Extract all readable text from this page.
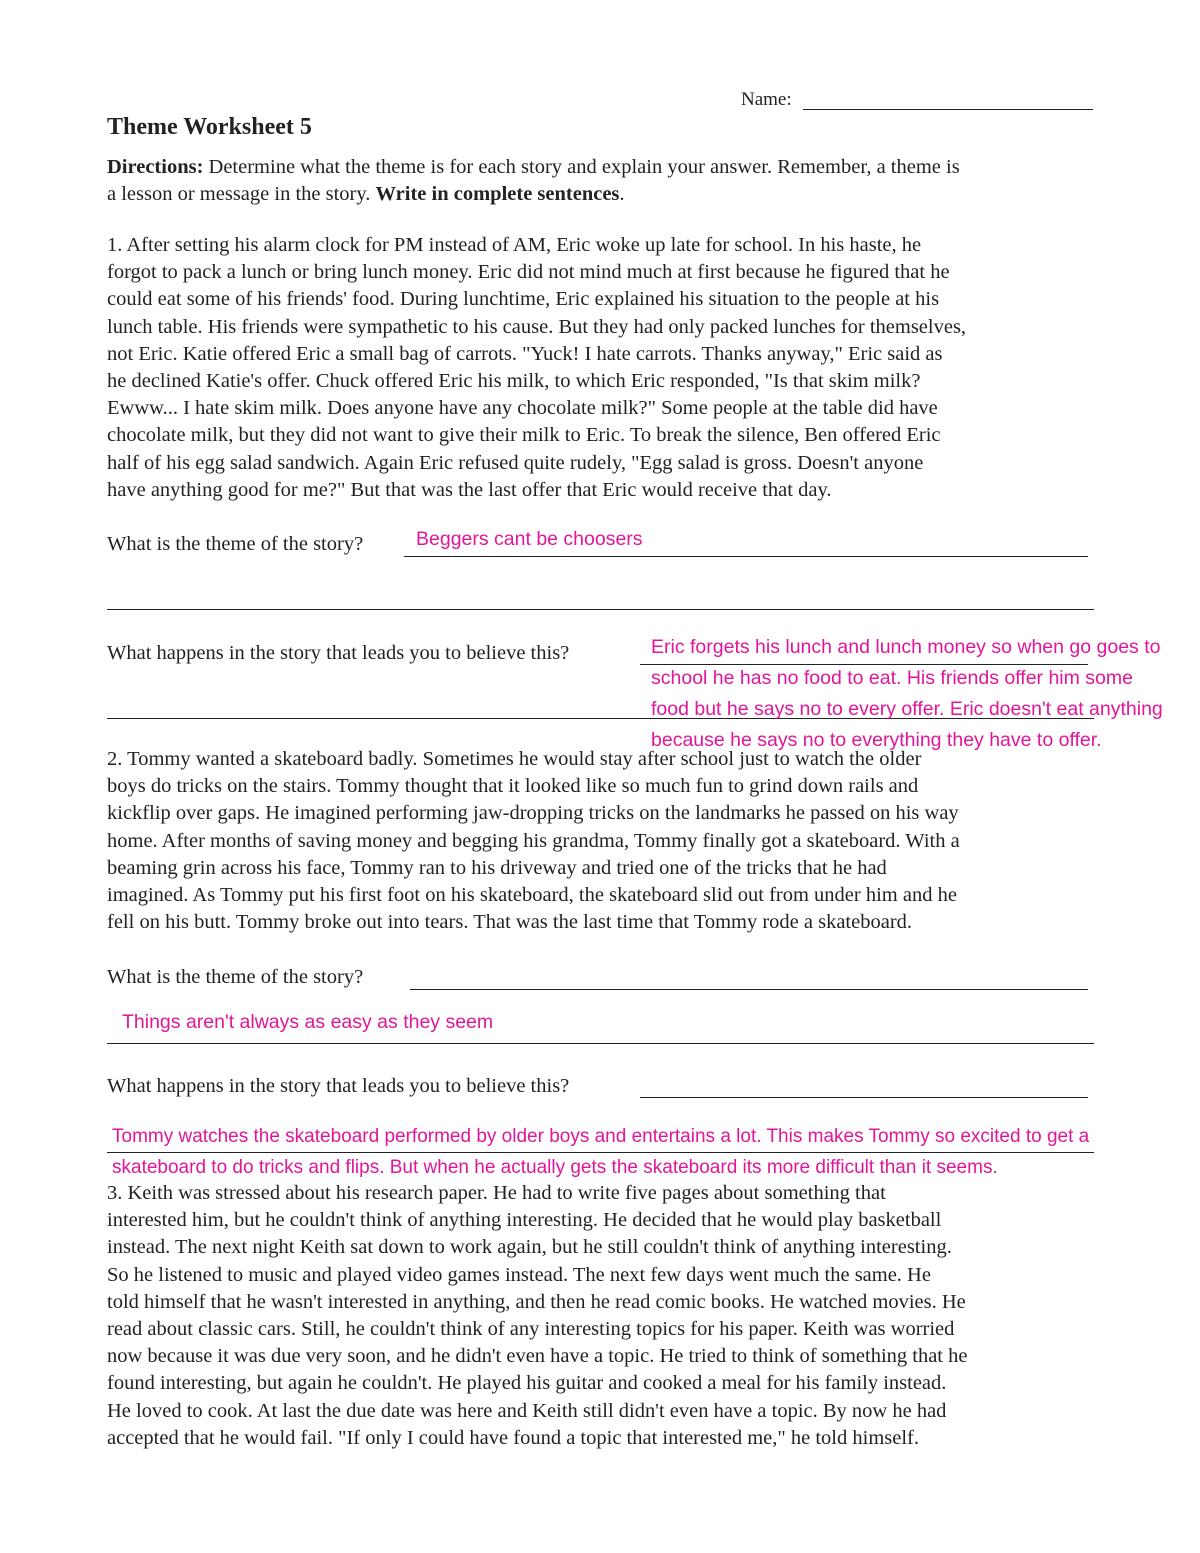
Name:
Theme Worksheet 5
Directions: Determine what the theme is for each story and explain your answer. Remember, a theme is
a lesson or message in the story. Write in complete sentences.
1. After setting his alarm clock for PM instead of AM, Eric woke up late for school. In his haste, he
forgot to pack a lunch or bring lunch money. Eric did not mind much at first because he figured that he
could eat some of his friends' food. During lunchtime, Eric explained his situation to the people at his
lunch table. His friends were sympathetic to his cause. But they had only packed lunches for themselves,
not Eric. Katie offered Eric a small bag of carrots. "Yuck! I hate carrots. Thanks anyway," Eric said as
he declined Katie's offer. Chuck offered Eric his milk, to which Eric responded, "Is that skim milk?
Ewww... I hate skim milk. Does anyone have any chocolate milk?" Some people at the table did have
chocolate milk, but they did not want to give their milk to Eric. To break the silence, Ben offered Eric
half of his egg salad sandwich. Again Eric refused quite rudely, "Egg salad is gross. Doesn't anyone
have anything good for me?" But that was the last offer that Eric would receive that day.
What is the theme of the story?	Beggers cant be choosers
What happens in the story that leads you to believe this?	Eric forgets his lunch and lunch money so when go goes to
school he has no food to eat. His friends offer him some
food but he says no to every offer. Eric doesn't eat anything
because he says no to everything they have to offer.
2. Tommy wanted a skateboard badly. Sometimes he would stay after school just to watch the older
boys do tricks on the stairs. Tommy thought that it looked like so much fun to grind down rails and
kickflip over gaps. He imagined performing jaw-dropping tricks on the landmarks he passed on his way
home. After months of saving money and begging his grandma, Tommy finally got a skateboard. With a
beaming grin across his face, Tommy ran to his driveway and tried one of the tricks that he had
imagined. As Tommy put his first foot on his skateboard, the skateboard slid out from under him and he
fell on his butt. Tommy broke out into tears. That was the last time that Tommy rode a skateboard.
What is the theme of the story?
Things aren't always as easy as they seem
What happens in the story that leads you to believe this?
Tommy watches the skateboard performed by older boys and entertains a lot. This makes Tommy so excited to get a
skateboard to do tricks and flips. But when he actually gets the skateboard its more difficult than it seems.
3. Keith was stressed about his research paper. He had to write five pages about something that
interested him, but he couldn't think of anything interesting. He decided that he would play basketball
instead. The next night Keith sat down to work again, but he still couldn't think of anything interesting.
So he listened to music and played video games instead. The next few days went much the same. He
told himself that he wasn't interested in anything, and then he read comic books. He watched movies. He
read about classic cars. Still, he couldn't think of any interesting topics for his paper. Keith was worried
now because it was due very soon, and he didn't even have a topic. He tried to think of something that he
found interesting, but again he couldn't. He played his guitar and cooked a meal for his family instead.
He loved to cook. At last the due date was here and Keith still didn't even have a topic. By now he had
accepted that he would fail. "If only I could have found a topic that interested me," he told himself.
